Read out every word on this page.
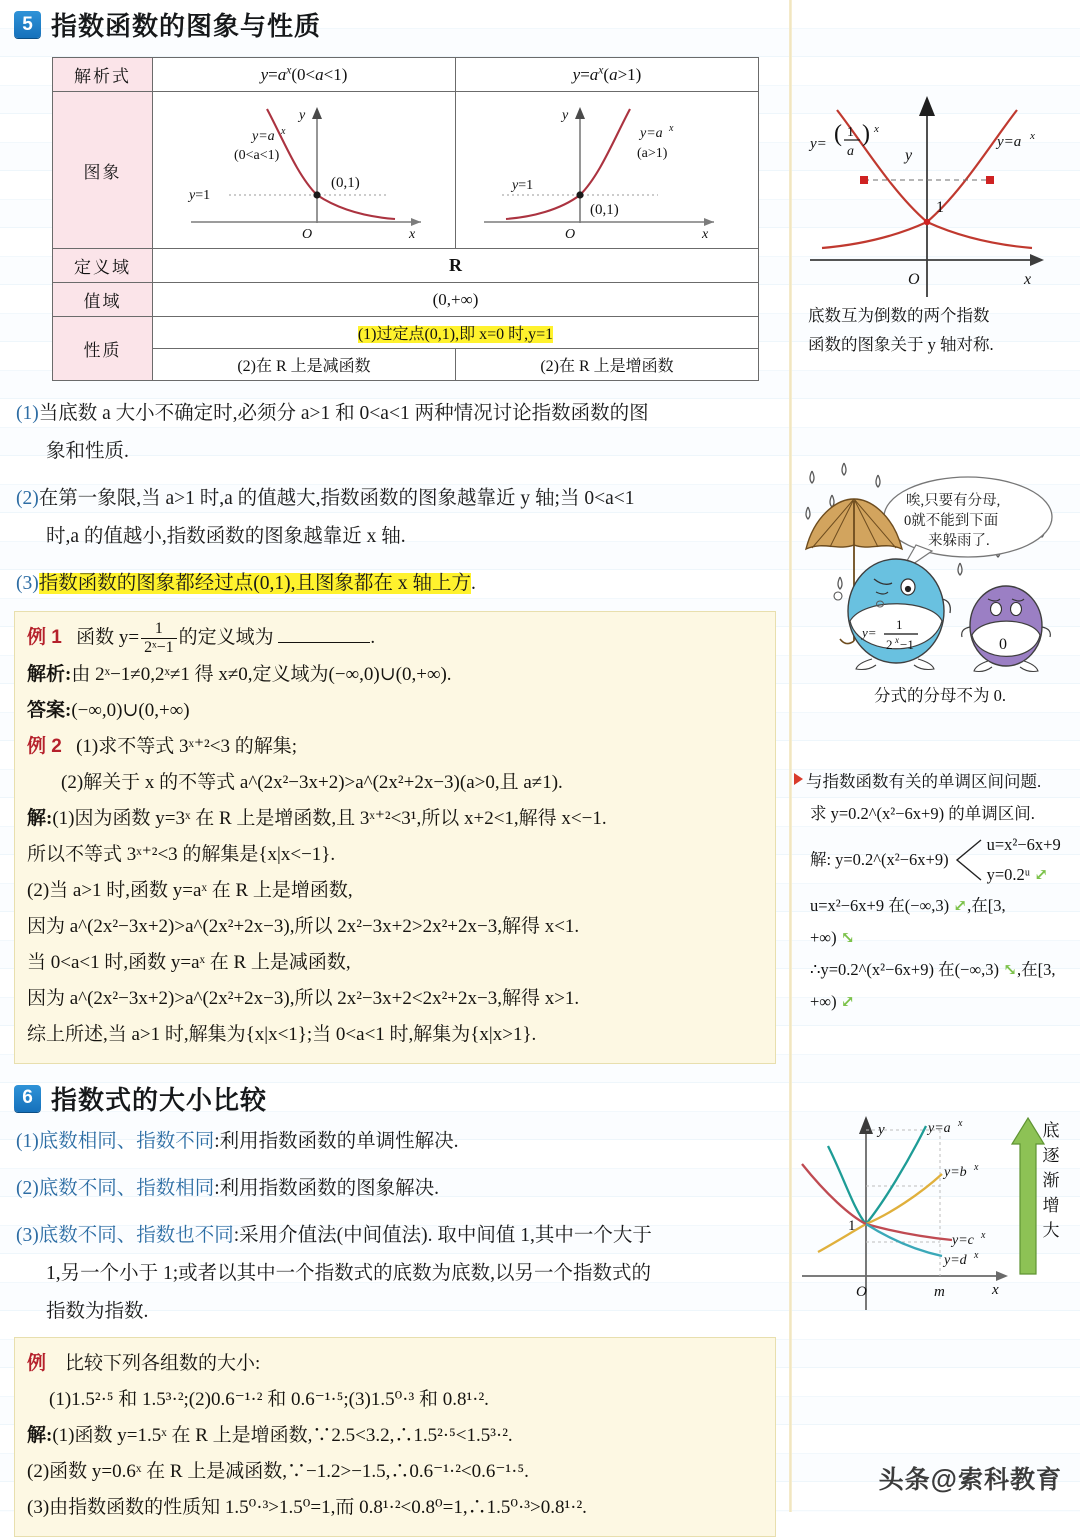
5 指数函数的图象与性质
解析式	$y=a^x(0<a<1)$	$y=a^x(a>1)$
图象	
y=a x
(0<a<1)
y=1
(0,1)
O	x
y

y=a x
(a>1)
y=1
(0,1)
O	x
y

定义域	R	
值域	(0,+∞)	
性质	(1)过定点(0,1),即 x=0 时,y=1	
	(2)在 R 上是减函数	(2)在 R 上是增函数
(1)当底数 a 大小不确定时,必须分 a>1 和 0<a<1 两种情况讨论指数函数的图
象和性质.
(2)在第一象限,当 a>1 时,a 的值越大,指数函数的图象越靠近 y 轴;当 0<a<1
时,a 的值越小,指数函数的图象越靠近 x 轴.
(3)指数函数的图象都经过点(0,1),且图象都在 x 轴上方.
例 1 函数 $y= \frac{1}{\text{2ˣ−1}}$ 的定义域为	.
解析:由 2ˣ−1≠0,2ˣ≠1 得 x≠0,定义域为(−∞,0)∪(0,+∞).
答案:(−∞,0)∪(0,+∞)
例 2 (1)求不等式 3ˣ⁺²<3 的解集;
(2)解关于 x 的不等式 a^(2x²−3x+2)>a^(2x²+2x−3)(a>0,且 a≠1).
解:(1)因为函数 y=3ˣ 在 R 上是增函数,且 3ˣ⁺²<3¹,所以 x+2<1,解得 x<−1.
所以不等式 3ˣ⁺²<3 的解集是{x|x<−1}.
(2)当 a>1 时,函数 y=aˣ 在 R 上是增函数,
因为 a^(2x²−3x+2)>a^(2x²+2x−3),所以 2x²−3x+2>2x²+2x−3,解得 x<1.
当 0<a<1 时,函数 y=aˣ 在 R 上是减函数,
因为 a^(2x²−3x+2)>a^(2x²+2x−3),所以 2x²−3x+2<2x²+2x−3,解得 x>1.
综上所述,当 a>1 时,解集为{x|x<1};当 0<a<1 时,解集为{x|x>1}.
6 指数式的大小比较
(1)底数相同、指数不同:利用指数函数的单调性解决.
(2)底数不同、指数相同:利用指数函数的图象解决.
(3)底数不同、指数也不同:采用介值法(中间值法). 取中间值 1,其中一个大于
1,另一个小于 1;或者以其中一个指数式的底数为底数,以另一个指数式的
指数为指数.
例 比较下列各组数的大小:
(1)1.5²·⁵ 和 1.5³·²;(2)0.6⁻¹·² 和 0.6⁻¹·⁵;(3)1.5⁰·³ 和 0.8¹·².
解:(1)函数 y=1.5ˣ 在 R 上是增函数,∵2.5<3.2,∴1.5²·⁵<1.5³·².
(2)函数 y=0.6ˣ 在 R 上是减函数,∵−1.2>−1.5,∴0.6⁻¹·²<0.6⁻¹·⁵.
(3)由指数函数的性质知 1.5⁰·³>1.5⁰=1,而 0.8¹·²<0.8⁰=1,∴1.5⁰·³>0.8¹·².
y= ( 1
a
) x
y=a x
y
1
O	x
底数互为倒数的两个指数
函数的图象关于 y 轴对称.
唉,只要有分母,
0就不能到下面
来躲雨了.
y=
1
2 x −1	0
分式的分母不为 0.
与指数函数有关的单调区间问题.
求 y=0.2^(x²−6x+9) 的单调区间.
解: y=0.2^(x²−6x+9)
u=x²−6x+9
y=0.2ᵘ ⤢
u=x²−6x+9 在(−∞,3) ⤢,在[3,
+∞) ⤡
∴y=0.2^(x²−6x+9) 在(−∞,3) ⤡,在[3,
+∞) ⤢
y=a x
y=b x
y=c x
y=d x
y
1
O	m	x
底
逐
渐
增
大
头条@索科教育
